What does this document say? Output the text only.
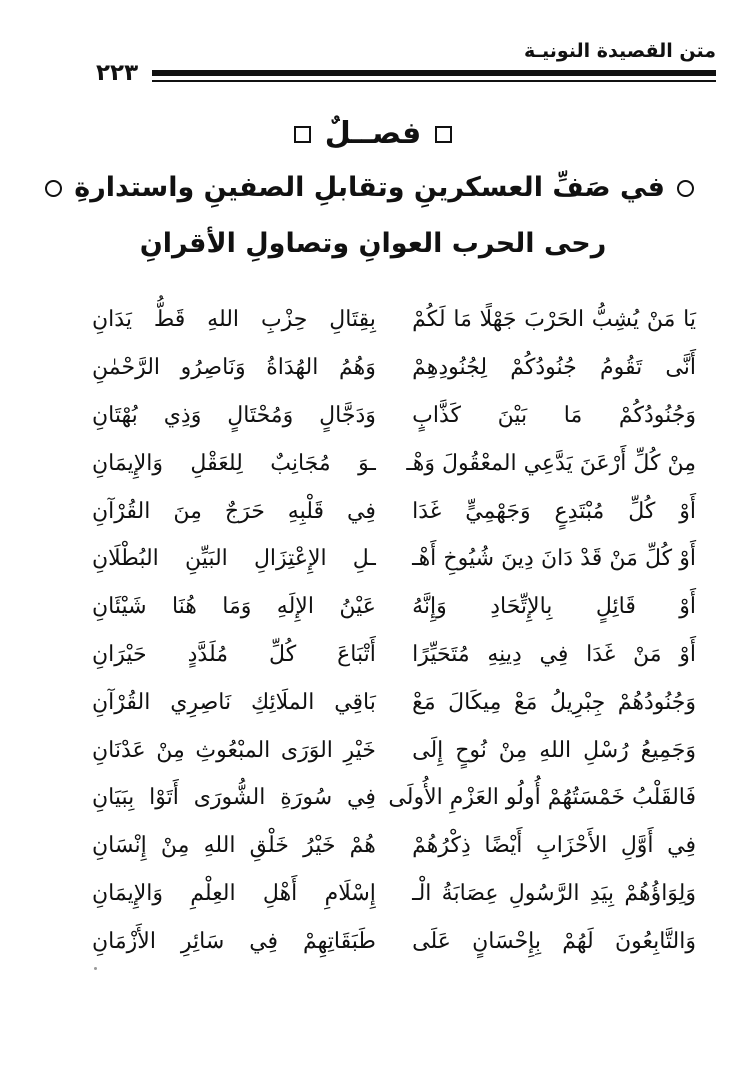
متن القصيدة النونيـة
٢٢٣
فصــلٌ
في صَفِّ العسكرينِ وتقابلِ الصفينِ واستدارةِ
رحى الحرب العوانِ وتصاولِ الأقرانِ
يَا مَنْ يُشِبُّ الحَرْبَ جَهْلًا مَا لَكُمْ
بِقِتَالِ حِزْبِ اللهِ قَطُّ يَدَانِ
أَنَّى تَقُومُ جُنُودُكُمْ لِجُنُودِهِمْ
وَهُمُ الهُدَاةُ وَنَاصِرُو الرَّحْمٰنِ
وَجُنُودُكُمْ مَا بَيْنَ كَذَّابٍ
وَدَجَّالٍ وَمُحْتَالٍ وَذِي بُهْتَانِ
مِنْ كُلِّ أَرْعَنَ يَدَّعِي المعْقُولَ وَهْـ
ـوَ مُجَانِبٌ لِلعَقْلِ وَالإِيمَانِ
أَوْ كُلِّ مُبْتَدِعٍ وَجَهْمِيٍّ غَدَا
فِي قَلْبِهِ حَرَجٌ مِنَ القُرْآنِ
أَوْ كُلِّ مَنْ قَدْ دَانَ دِينَ شُيُوخِ أَهْـ
ـلِ الإِعْتِزَالِ البَيِّنِ البُطْلَانِ
أَوْ قَائِلٍ بِالإِتِّحَادِ وَإِنَّهُ
عَيْنُ الإِلَهِ وَمَا هُنَا شَيْئَانِ
أَوْ مَنْ غَدَا فِي دِينِهِ مُتَحَيِّرًا
أَتْبَاعَ كُلِّ مُلَدَّدٍ حَيْرَانِ
وَجُنُودُهُمْ جِبْرِيلُ مَعْ مِيكَالَ مَعْ
بَاقِي الملَائِكِ نَاصِرِي القُرْآنِ
وَجَمِيعُ رُسْلِ اللهِ مِنْ نُوحٍ إِلَى
خَيْرِ الوَرَى المبْعُوثِ مِنْ عَدْنَانِ
فَالقَلْبُ خَمْسَتُهُمْ أُولُو العَزْمِ الأُولَى
فِي سُورَةِ الشُّورَى أَتَوْا بِبَيَانِ
فِي أَوَّلِ الأَحْزَابِ أَيْضًا ذِكْرُهُمْ
هُمْ خَيْرُ خَلْقِ اللهِ مِنْ إِنْسَانِ
وَلِوَاؤُهُمْ بِيَدِ الرَّسُولِ عِصَابَةُ الْـ
إِسْلَامِ أَهْلِ العِلْمِ وَالإِيمَانِ
وَالتَّابِعُونَ لَهُمْ بِإِحْسَانٍ عَلَى
طَبَقَاتِهِمْ فِي سَائِرِ الأَزْمَانِ
